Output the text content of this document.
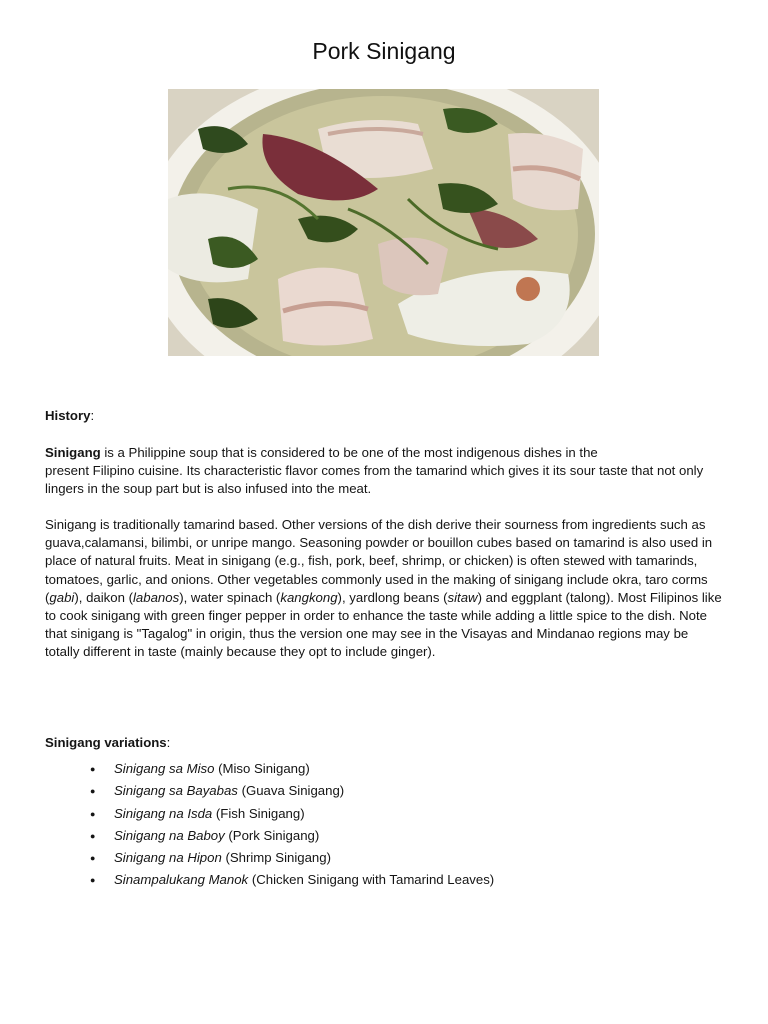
Pork Sinigang

History:

Sinigang is a Philippine soup that is considered to be one of the most indigenous dishes in the
present Filipino cuisine. Its characteristic flavor comes from the tamarind which gives it its sour taste that not only lingers in the soup part but is also infused into the meat.

Sinigang is traditionally tamarind based. Other versions of the dish derive their sourness from ingredients such as guava,calamansi, bilimbi, or unripe mango. Seasoning powder or bouillon cubes based on tamarind is also used in place of natural fruits. Meat in sinigang (e.g., fish, pork, beef, shrimp, or chicken) is often stewed with tamarinds, tomatoes, garlic, and onions. Other vegetables commonly used in the making of sinigang include okra, taro corms (gabi), daikon (labanos), water spinach (kangkong), yardlong beans (sitaw) and eggplant (talong). Most Filipinos like to cook sinigang with green finger pepper in order to enhance the taste while adding a little spice to the dish. Note that sinigang is "Tagalog" in origin, thus the version one may see in the Visayas and Mindanao regions may be totally different in taste (mainly because they opt to include ginger).

Sinigang variations:

● Sinigang sa Miso (Miso Sinigang)
● Sinigang sa Bayabas (Guava Sinigang)
● Sinigang na Isda (Fish Sinigang)
● Sinigang na Baboy (Pork Sinigang)
● Sinigang na Hipon (Shrimp Sinigang)
● Sinampalukang Manok (Chicken Sinigang with Tamarind Leaves)
